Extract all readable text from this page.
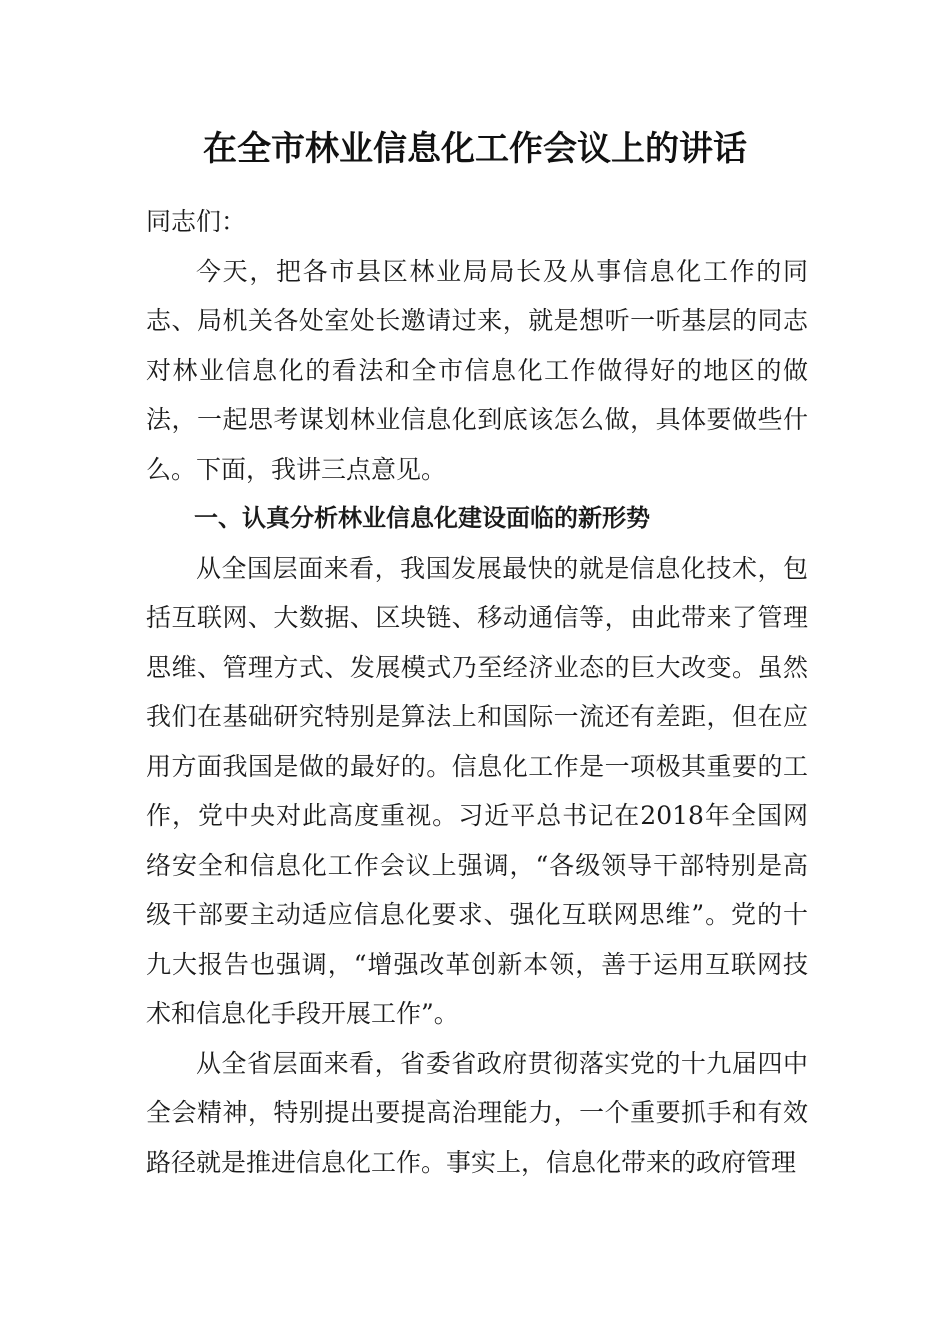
在全市林业信息化工作会议上的讲话

同志们：

今天，把各市县区林业局局长及从事信息化工作的同志、局机关各处室处长邀请过来，就是想听一听基层的同志对林业信息化的看法和全市信息化工作做得好的地区的做法，一起思考谋划林业信息化到底该怎么做，具体要做些什么。下面，我讲三点意见。

一、认真分析林业信息化建设面临的新形势

从全国层面来看，我国发展最快的就是信息化技术，包括互联网、大数据、区块链、移动通信等，由此带来了管理思维、管理方式、发展模式乃至经济业态的巨大改变。虽然我们在基础研究特别是算法上和国际一流还有差距，但在应用方面我国是做的最好的。信息化工作是一项极其重要的工作，党中央对此高度重视。习近平总书记在2018年全国网络安全和信息化工作会议上强调，“各级领导干部特别是高级干部要主动适应信息化要求、强化互联网思维”。党的十九大报告也强调，“增强改革创新本领，善于运用互联网技术和信息化手段开展工作”。

从全省层面来看，省委省政府贯彻落实党的十九届四中全会精神，特别提出要提高治理能力，一个重要抓手和有效路径就是推进信息化工作。事实上，信息化带来的政府管理
